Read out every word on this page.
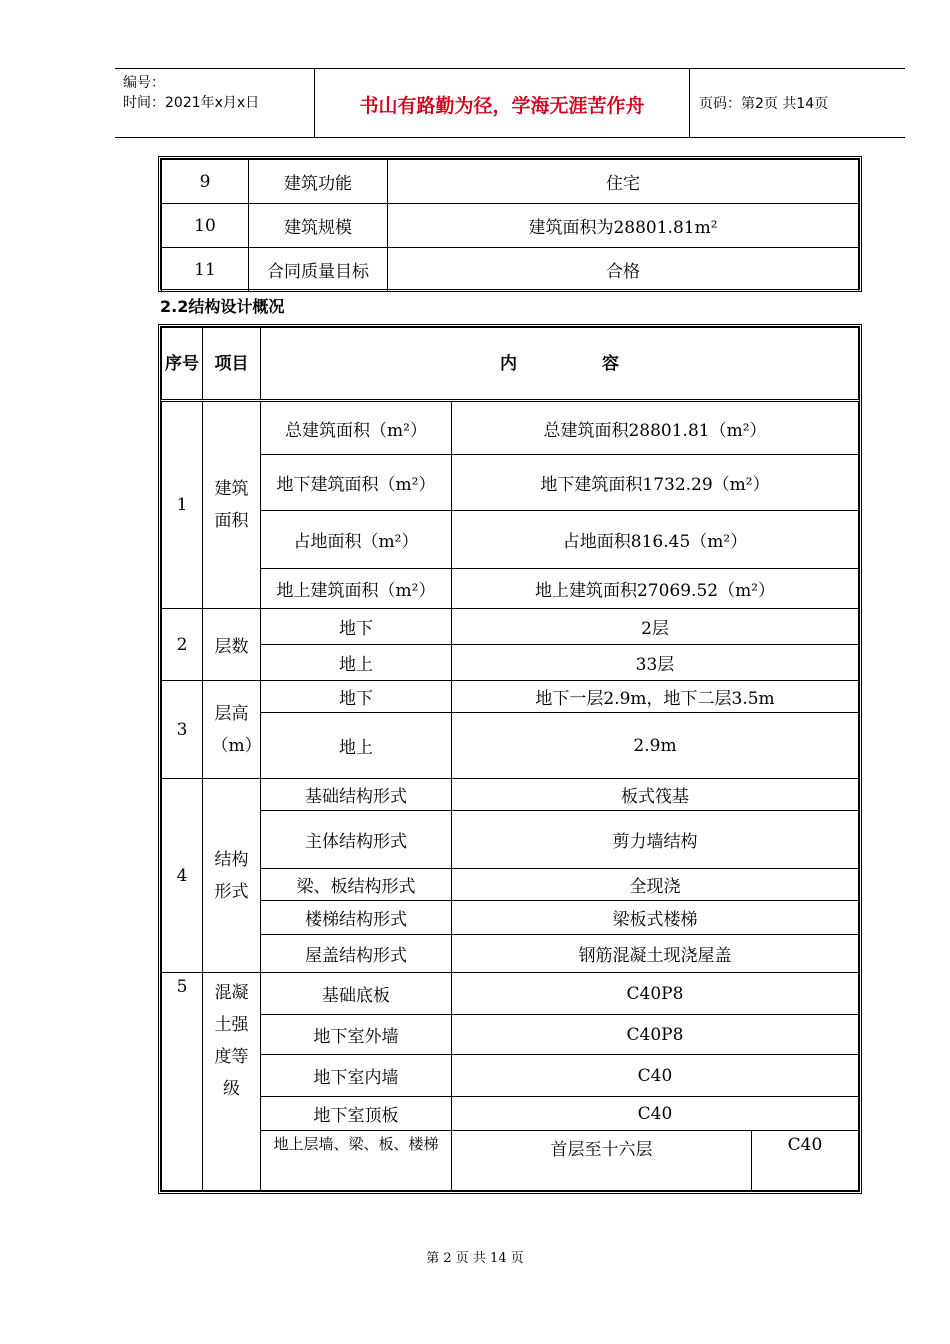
编号：
时间：2021年x月x日	书山有路勤为径，学海无涯苦作舟	页码：第2页 共14页
9	建筑功能	住宅
10	建筑规模	建筑面积为28801.81m²
11	合同质量目标	合格
2.2结构设计概况
序号	项目	内　　　　　容		
1	建筑面积	总建筑面积（m²）	总建筑面积28801.81（m²）	
		地下建筑面积（m²）	地下建筑面积1732.29（m²）	
		占地面积（m²）	占地面积816.45（m²）	
		地上建筑面积（m²）	地上建筑面积27069.52（m²）	
2	层数	地下	2层	
		地上	33层	
3	层高（m）	地下	地下一层2.9m，地下二层3.5m	
		地上	2.9m	
4	结构形式	基础结构形式	板式筏基	
		主体结构形式	剪力墙结构	
		梁、板结构形式	全现浇	
		楼梯结构形式	梁板式楼梯	
		屋盖结构形式	钢筋混凝土现浇屋盖	
5	混凝土强度等级	基础底板	C40P8	
		地下室外墙	C40P8	
		地下室内墙	C40	
		地下室顶板	C40	
		地上层墙、梁、板、楼梯	首层至十六层	C40
第 2 页 共 14 页
